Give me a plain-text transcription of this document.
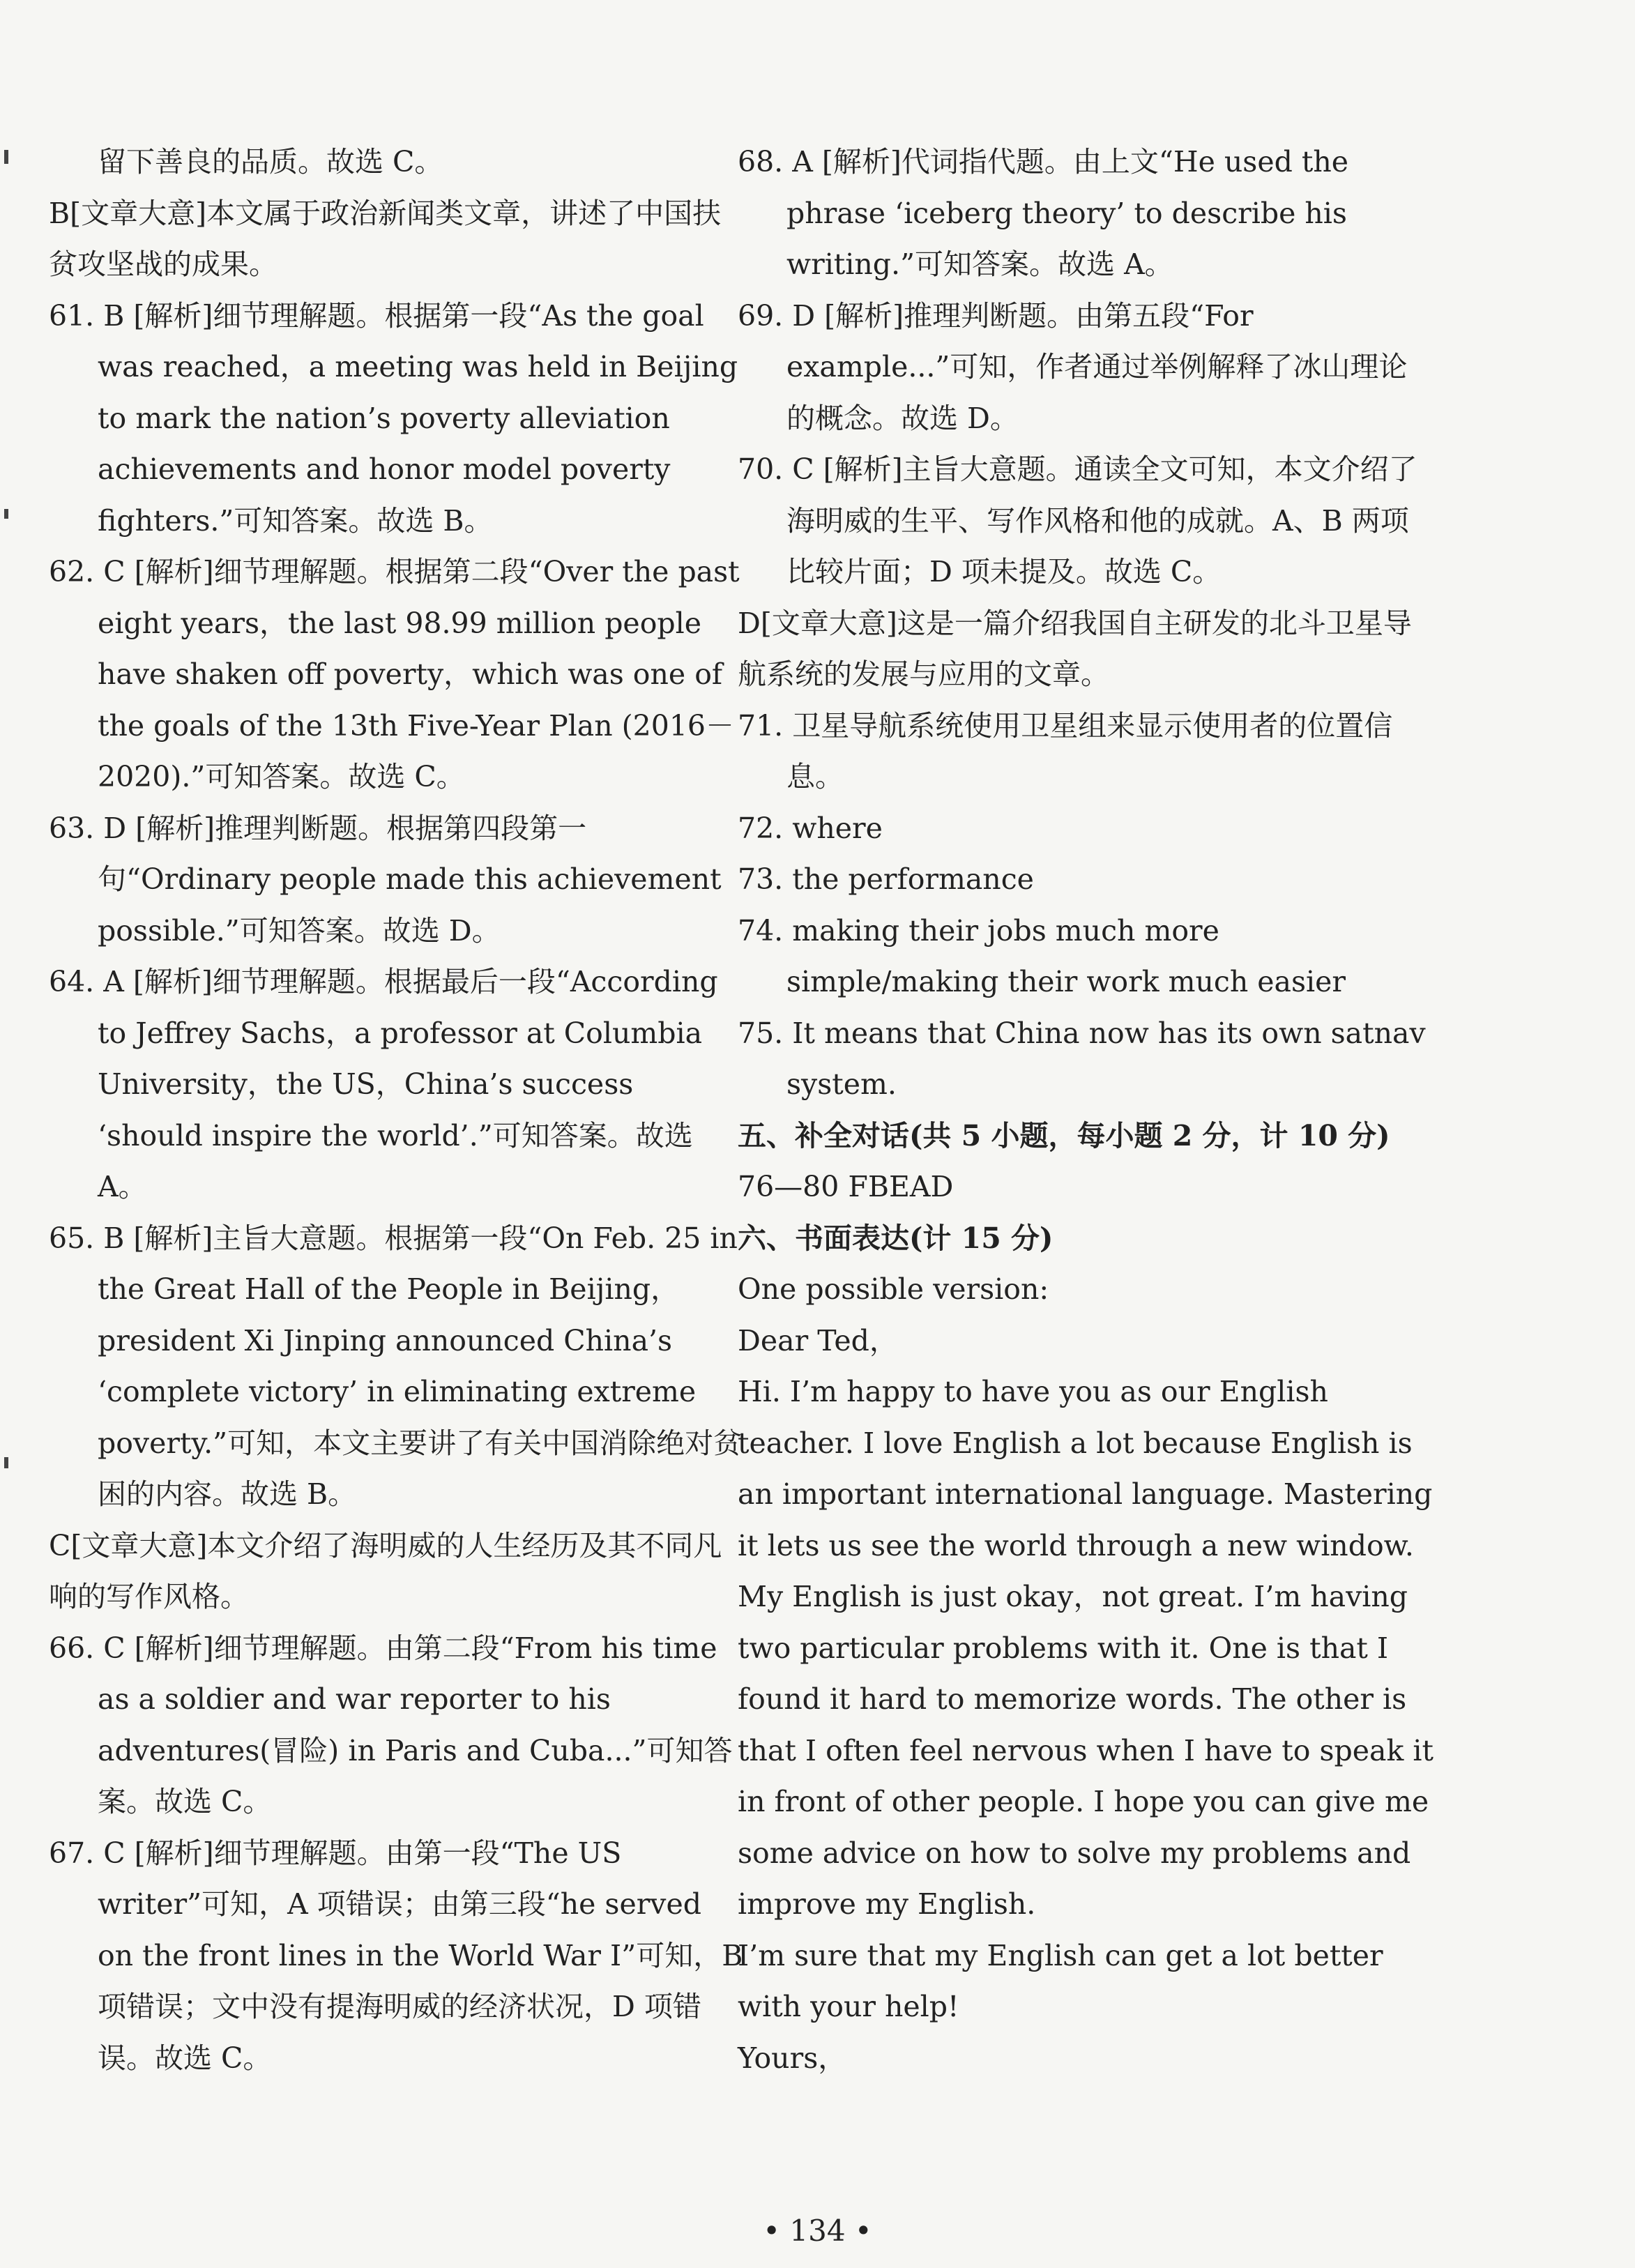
留下善良的品质。故选 C。

B[文章大意]本文属于政治新闻类文章，讲述了中国扶贫攻坚战的成果。

61. B [解析]细节理解题。根据第一段“As the goal was reached，a meeting was held in Beijing to mark the nation’s poverty alleviation achievements and honor model poverty fighters.”可知答案。故选 B。

62. C [解析]细节理解题。根据第二段“Over the past eight years，the last 98.99 million people have shaken off poverty，which was one of the goals of the 13th Five-Year Plan (2016－2020).”可知答案。故选 C。

63. D [解析]推理判断题。根据第四段第一句“Ordinary people made this achievement possible.”可知答案。故选 D。

64. A [解析]细节理解题。根据最后一段“According to Jeffrey Sachs，a professor at Columbia University，the US，China’s success ‘should inspire the world’.”可知答案。故选 A。

65. B [解析]主旨大意题。根据第一段“On Feb. 25 in the Great Hall of the People in Beijing，president Xi Jinping announced China’s ‘complete victory’ in eliminating extreme poverty.”可知，本文主要讲了有关中国消除绝对贫困的内容。故选 B。

C[文章大意]本文介绍了海明威的人生经历及其不同凡响的写作风格。

66. C [解析]细节理解题。由第二段“From his time as a soldier and war reporter to his adventures(冒险) in Paris and Cuba...”可知答案。故选 C。

67. C [解析]细节理解题。由第一段“The US writer”可知，A 项错误；由第三段“he served on the front lines in the World War I”可知，B 项错误；文中没有提海明威的经济状况，D 项错误。故选 C。

68. A [解析]代词指代题。由上文“He used the phrase ‘iceberg theory’ to describe his writing.”可知答案。故选 A。

69. D [解析]推理判断题。由第五段“For example...”可知，作者通过举例解释了冰山理论的概念。故选 D。

70. C [解析]主旨大意题。通读全文可知，本文介绍了海明威的生平、写作风格和他的成就。A、B 两项比较片面；D 项未提及。故选 C。

D[文章大意]这是一篇介绍我国自主研发的北斗卫星导航系统的发展与应用的文章。

71. 卫星导航系统使用卫星组来显示使用者的位置信息。

72. where

73. the performance

74. making their jobs much more simple/making their work much easier

75. It means that China now has its own satnav system.

五、补全对话(共 5 小题，每小题 2 分，计 10 分)

76—80 FBEAD

六、书面表达(计 15 分)

One possible version:

Dear Ted，

Hi. I’m happy to have you as our English teacher. I love English a lot because English is an important international language. Mastering it lets us see the world through a new window. My English is just okay，not great. I’m having two particular problems with it. One is that I found it hard to memorize words. The other is that I often feel nervous when I have to speak it in front of other people. I hope you can give me some advice on how to solve my problems and improve my English.

I’m sure that my English can get a lot better with your help!

Yours，

• 134 •
